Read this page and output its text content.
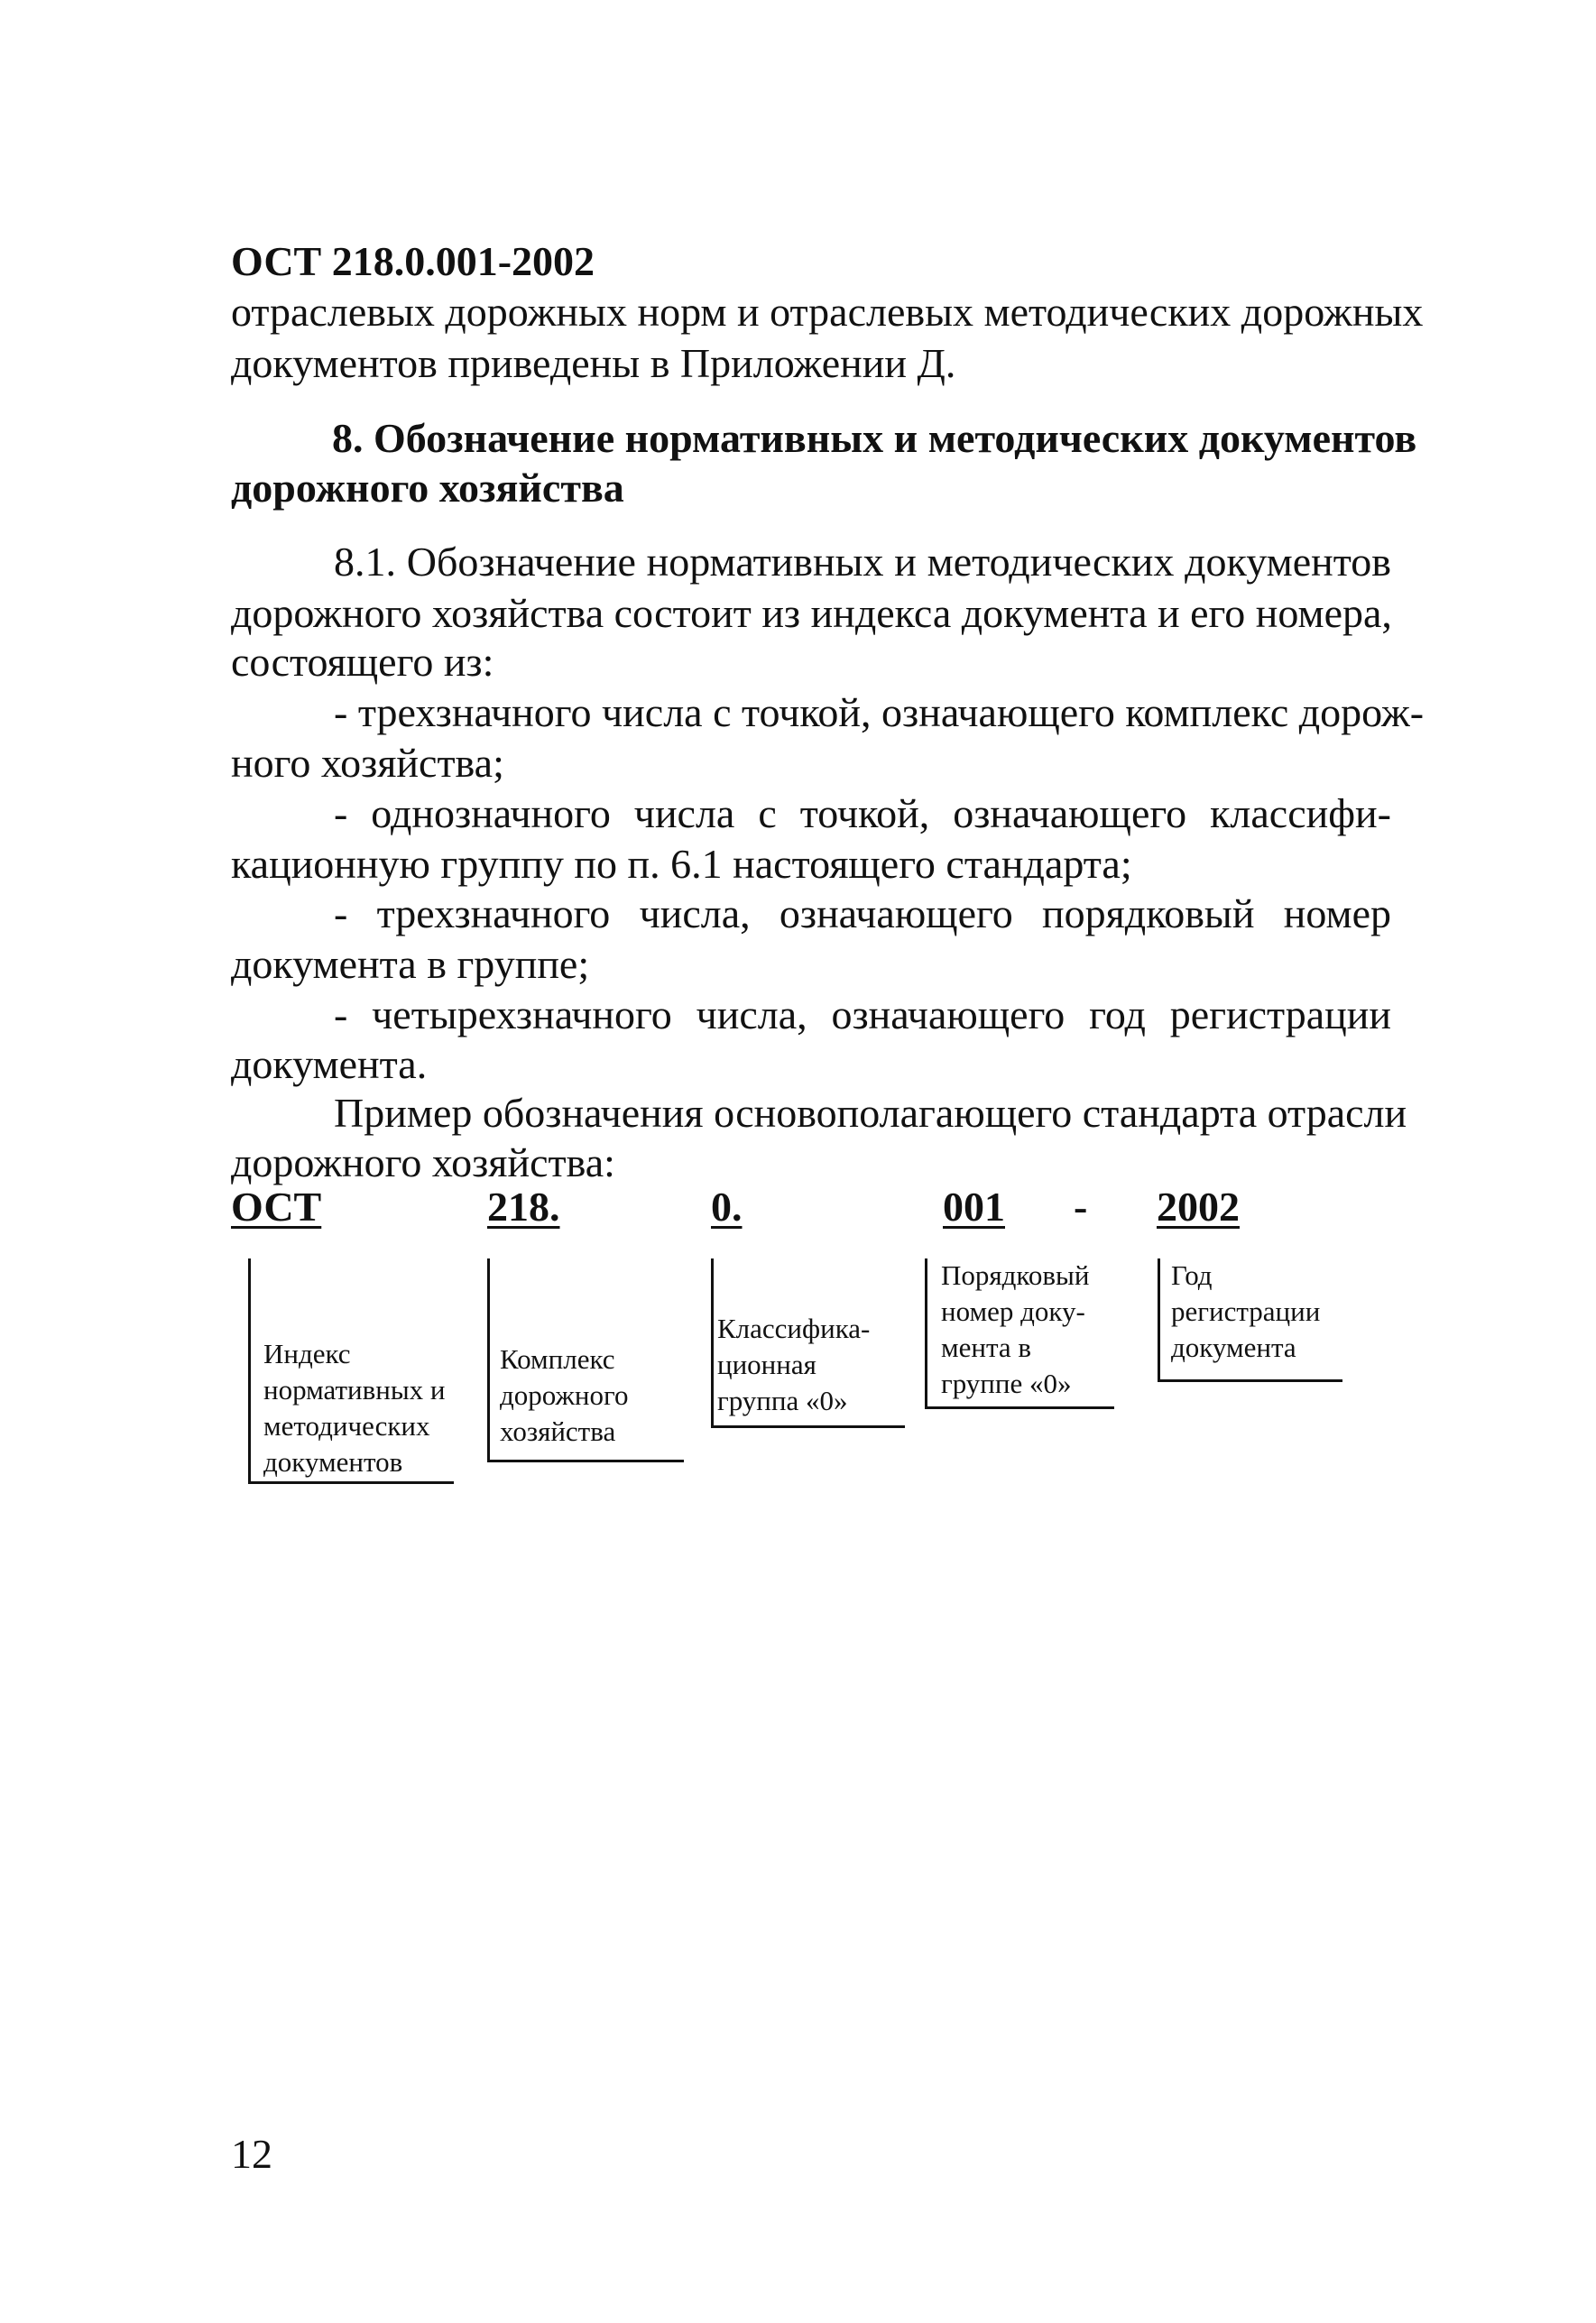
ОСТ 218.0.001-2002
отраслевых дорожных норм и отраслевых методических дорожных
документов приведены в Приложении Д.
8. Обозначение нормативных и методических документов
дорожного хозяйства
8.1. Обозначение нормативных и методических документов
дорожного хозяйства состоит из индекса документа и его номера,
состоящего из:
- трехзначного числа с точкой, означающего комплекс дорож-
ного хозяйства;
- однозначного числа с точкой, означающего классифи-
кационную группу по п. 6.1 настоящего стандарта;
- трехзначного числа, означающего порядковый номер
документа в группе;
- четырехзначного числа, означающего год регистрации
документа.
Пример обозначения основополагающего стандарта отрасли
дорожного хозяйства:
ОСТ	218.	0.	001 - 2002
Индекс
нормативных и
методических
документов
Комплекс
дорожного
хозяйства
Классифика-
ционная
группа «0»
Порядковый
номер доку-
мента в
группе «0»
Год
регистрации
документа
12
